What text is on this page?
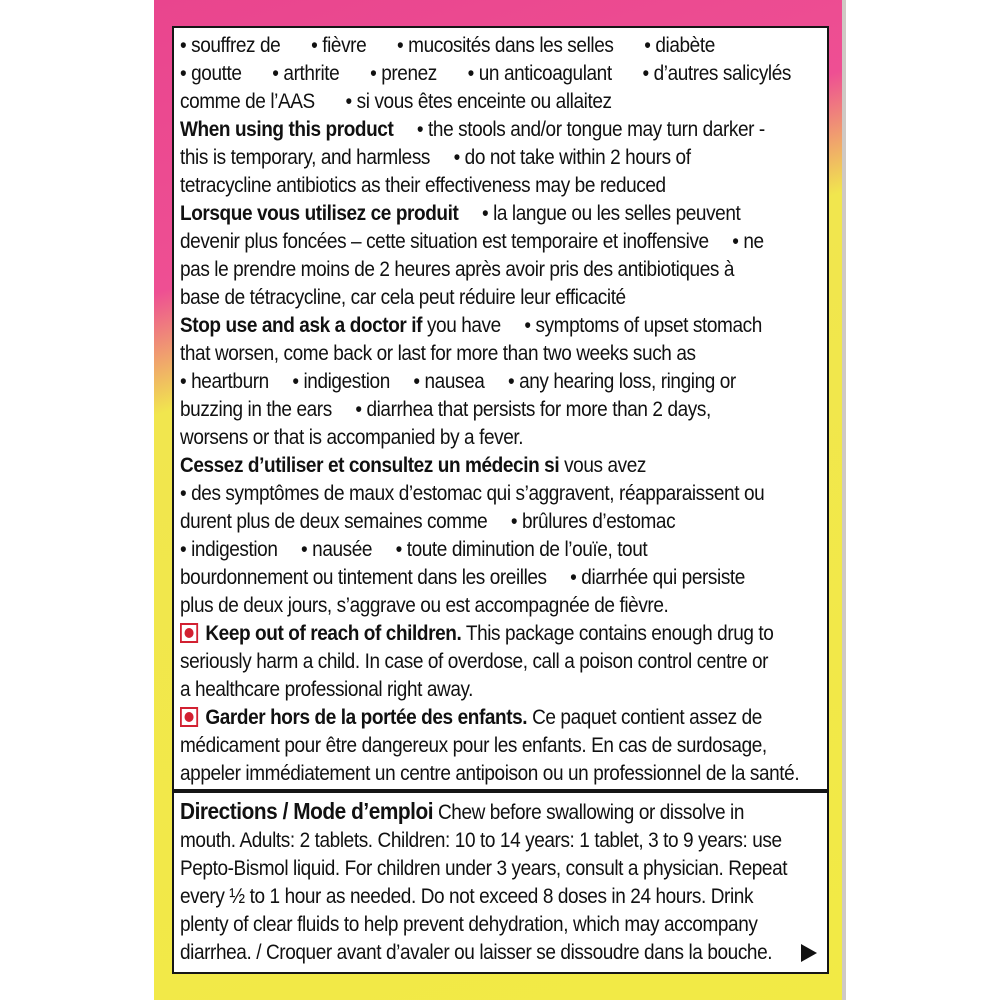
• souffrez de • fièvre • mucosités dans les selles • diabète
• goutte • arthrite • prenez • un anticoagulant • d’autres salicylés
comme de l’AAS • si vous êtes enceinte ou allaitez
When using this product • the stools and/or tongue may turn darker -
this is temporary, and harmless • do not take within 2 hours of
tetracycline antibiotics as their effectiveness may be reduced
Lorsque vous utilisez ce produit • la langue ou les selles peuvent
devenir plus foncées – cette situation est temporaire et inoffensive • ne
pas le prendre moins de 2 heures après avoir pris des antibiotiques à
base de tétracycline, car cela peut réduire leur efficacité
Stop use and ask a doctor if you have • symptoms of upset stomach
that worsen, come back or last for more than two weeks such as
• heartburn • indigestion • nausea • any hearing loss, ringing or
buzzing in the ears • diarrhea that persists for more than 2 days,
worsens or that is accompanied by a fever.
Cessez d’utiliser et consultez un médecin si vous avez
• des symptômes de maux d’estomac qui s’aggravent, réapparaissent ou
durent plus de deux semaines comme • brûlures d’estomac
• indigestion • nausée • toute diminution de l’ouïe, tout
bourdonnement ou tintement dans les oreilles • diarrhée qui persiste
plus de deux jours, s’aggrave ou est accompagnée de fièvre.
Keep out of reach of children. This package contains enough drug to
seriously harm a child. In case of overdose, call a poison control centre or
a healthcare professional right away.
Garder hors de la portée des enfants. Ce paquet contient assez de
médicament pour être dangereux pour les enfants. En cas de surdosage,
appeler immédiatement un centre antipoison ou un professionnel de la santé.
Directions / Mode d’emploi Chew before swallowing or dissolve in
mouth. Adults: 2 tablets. Children: 10 to 14 years: 1 tablet, 3 to 9 years: use
Pepto-Bismol liquid. For children under 3 years, consult a physician. Repeat
every ½ to 1 hour as needed. Do not exceed 8 doses in 24 hours. Drink
plenty of clear fluids to help prevent dehydration, which may accompany
diarrhea. / Croquer avant d’avaler ou laisser se dissoudre dans la bouche.
